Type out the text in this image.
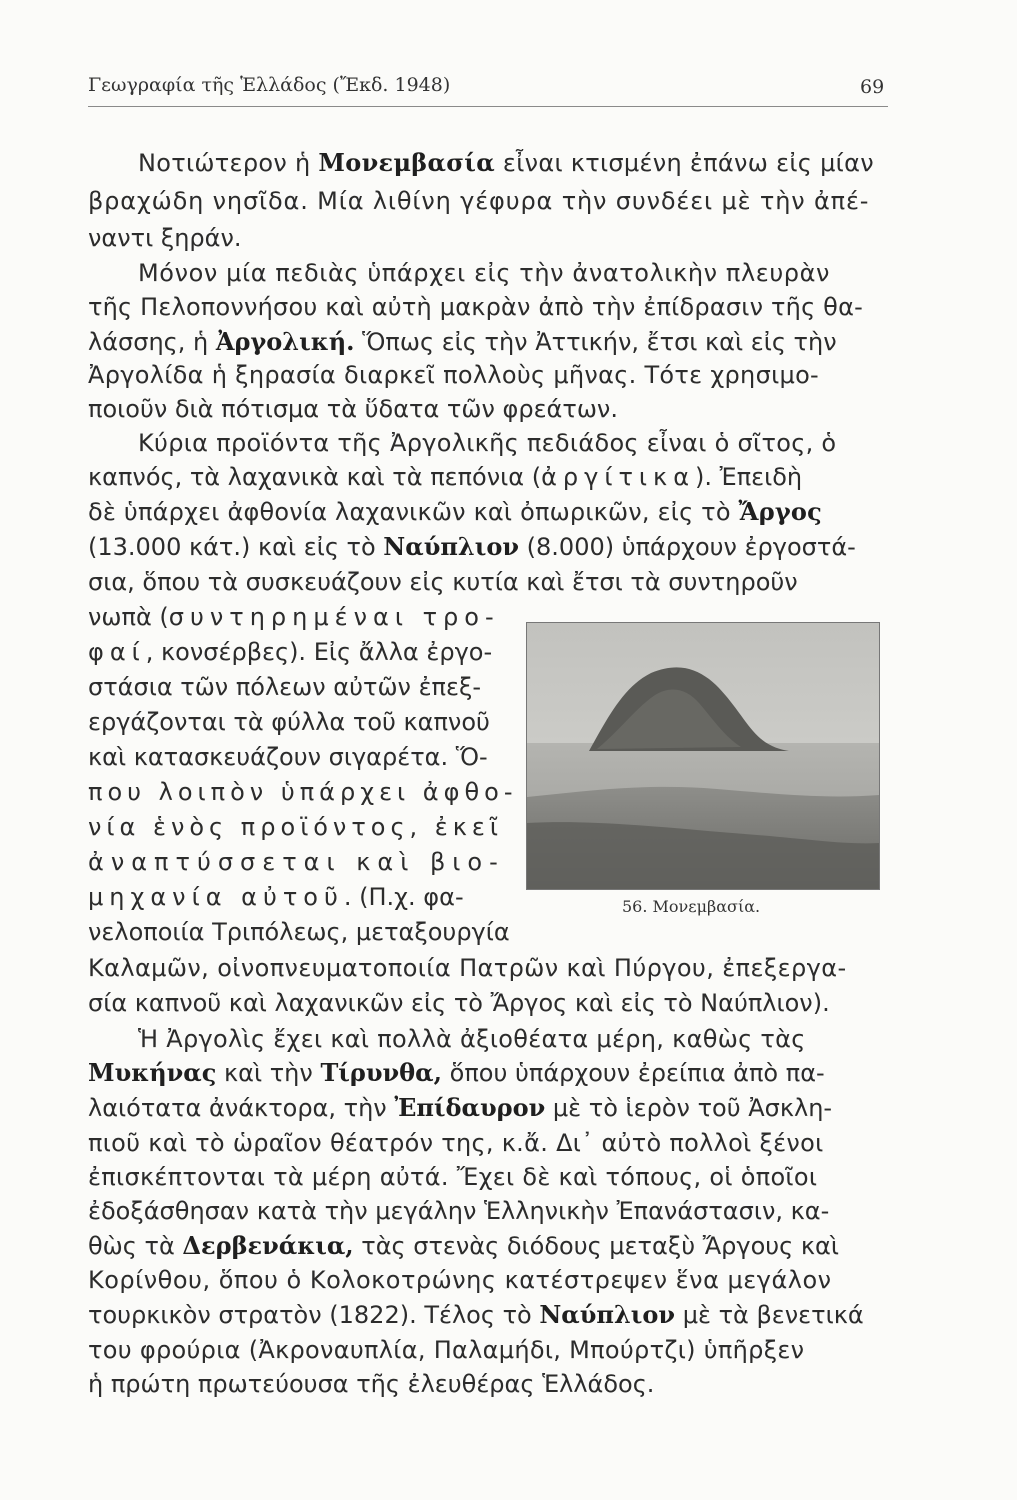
Γεωγραφία τῆς Ἑλλάδος (Ἔκδ. 1948)	69
Νοτιώτερον ἡ Μονεμβασία εἶναι κτισμένη ἐπάνω εἰς μίαν
βραχώδη νησῖδα. Μία λιθίνη γέφυρα τὴν συνδέει μὲ τὴν ἀπέ-
ναντι ξηράν.
Μόνον μία πεδιὰς ὑπάρχει εἰς τὴν ἀνατολικὴν πλευρὰν
τῆς Πελοποννήσου καὶ αὐτὴ μακρὰν ἀπὸ τὴν ἐπίδρασιν τῆς θα-
λάσσης, ἡ Ἀργολική. Ὅπως εἰς τὴν Ἀττικήν, ἔτσι καὶ εἰς τὴν
Ἀργολίδα ἡ ξηρασία διαρκεῖ πολλοὺς μῆνας. Τότε χρησιμο-
ποιοῦν διὰ πότισμα τὰ ὕδατα τῶν φρεάτων.
Κύρια προϊόντα τῆς Ἀργολικῆς πεδιάδος εἶναι ὁ σῖτος, ὁ
καπνός, τὰ λαχανικὰ καὶ τὰ πεπόνια (ἀργίτικα). Ἐπειδὴ
δὲ ὑπάρχει ἀφθονία λαχανικῶν καὶ ὀπωρικῶν, εἰς τὸ Ἄργος
(13.000 κάτ.) καὶ εἰς τὸ Ναύπλιον (8.000) ὑπάρχουν ἐργοστά-
σια, ὅπου τὰ συσκευάζουν εἰς κυτία καὶ ἔτσι τὰ συντηροῦν
νωπὰ (συντηρημέναι τρο-
φαί, κονσέρβες). Εἰς ἄλλα ἐργο-
στάσια τῶν πόλεων αὐτῶν ἐπεξ-
εργάζονται τὰ φύλλα τοῦ καπνοῦ
καὶ κατασκευάζουν σιγαρέτα. Ὅ-
που λοιπὸν ὑπάρχει ἀφθο-
νία ἑνὸς προϊόντος, ἐκεῖ
ἀναπτύσσεται καὶ βιο-
μηχανία αὐτοῦ. (Π.χ. φα-
νελοποιία Τριπόλεως, μεταξουργία
56. Μονεμβασία.
Καλαμῶν, οἰνοπνευματοποιία Πατρῶν καὶ Πύργου, ἐπεξεργα-
σία καπνοῦ καὶ λαχανικῶν εἰς τὸ Ἄργος καὶ εἰς τὸ Ναύπλιον).
Ἡ Ἀργολὶς ἔχει καὶ πολλὰ ἀξιοθέατα μέρη, καθὼς τὰς
Μυκήνας καὶ τὴν Τίρυνθα, ὅπου ὑπάρχουν ἐρείπια ἀπὸ πα-
λαιότατα ἀνάκτορα, τὴν Ἐπίδαυρον μὲ τὸ ἱερὸν τοῦ Ἀσκλη-
πιοῦ καὶ τὸ ὡραῖον θέατρόν της, κ.ἄ. Δι᾽ αὐτὸ πολλοὶ ξένοι
ἐπισκέπτονται τὰ μέρη αὐτά. Ἔχει δὲ καὶ τόπους, οἱ ὁποῖοι
ἐδοξάσθησαν κατὰ τὴν μεγάλην Ἑλληνικὴν Ἐπανάστασιν, κα-
θὼς τὰ Δερβενάκια, τὰς στενὰς διόδους μεταξὺ Ἄργους καὶ
Κορίνθου, ὅπου ὁ Κολοκοτρώνης κατέστρεψεν ἕνα μεγάλον
τουρκικὸν στρατὸν (1822). Τέλος τὸ Ναύπλιον μὲ τὰ βενετικά
του φρούρια (Ἀκροναυπλία, Παλαμήδι, Μπούρτζι) ὑπῆρξεν
ἡ πρώτη πρωτεύουσα τῆς ἐλευθέρας Ἑλλάδος.
